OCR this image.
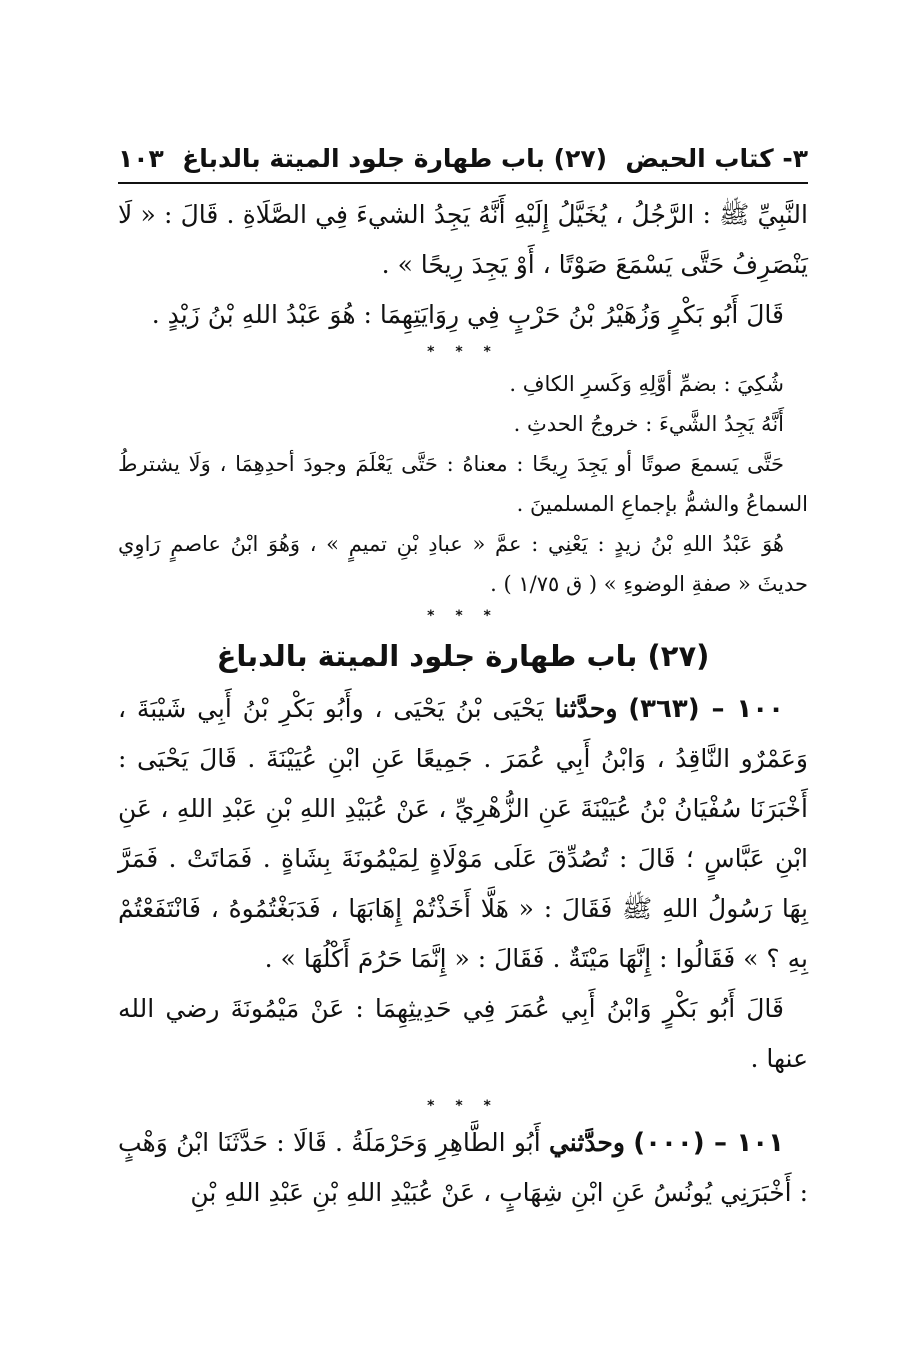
٣- كتاب الحيض
(٢٧) باب طهارة جلود الميتة بالدباغ
١٠٣

النَّبِيِّ ﷺ : الرَّجُلُ ، يُخَيَّلُ إِلَيْهِ أَنَّهُ يَجِدُ الشيءَ فِي الصَّلَاةِ . قَالَ : « لَا يَنْصَرِفُ حَتَّى يَسْمَعَ صَوْتًا ، أَوْ يَجِدَ رِيحًا » .

قَالَ أَبُو بَكْرٍ وَزُهَيْرُ بْنُ حَرْبٍ فِي رِوَايَتِهِمَا : هُوَ عَبْدُ اللهِ بْنُ زَيْدٍ .

* * *

شُكِيَ : بضمِّ أوَّلِهِ وَكَسرِ الكافِ .

أَنَّهُ يَجِدُ الشَّيءَ : خروجُ الحدثِ .

حَتَّى يَسمعَ صوتًا أو يَجِدَ رِيحًا : معناهُ : حَتَّى يَعْلَمَ وجودَ أحدِهِمَا ، وَلَا يشترطُ السماعُ والشمُّ بإجماعِ المسلمينَ .

هُوَ عَبْدُ اللهِ بْنُ زيدٍ : يَعْنِي : عمَّ « عبادِ بْنِ تميمٍ » ، وَهُوَ ابْنُ عاصمٍ رَاوِي حديثَ « صفةِ الوضوءِ » ( ق ١/٧٥ ) .

* * *
(٢٧) باب طهارة جلود الميتة بالدباغ

١٠٠ – (٣٦٣) وحدَّثنا يَحْيَى بْنُ يَحْيَى ، وأَبُو بَكْرِ بْنُ أَبِي شَيْبَةَ ، وَعَمْرٌو النَّاقِدُ ، وَابْنُ أَبِي عُمَرَ . جَمِيعًا عَنِ ابْنِ عُيَيْنَةَ . قَالَ يَحْيَى : أَخْبَرَنَا سُفْيَانُ بْنُ عُيَيْنَةَ عَنِ الزُّهْرِيِّ ، عَنْ عُبَيْدِ اللهِ بْنِ عَبْدِ اللهِ ، عَنِ ابْنِ عَبَّاسٍ ؛ قَالَ : تُصُدِّقَ عَلَى مَوْلَاةٍ لِمَيْمُونَةَ بِشَاةٍ . فَمَاتَتْ . فَمَرَّ بِهَا رَسُولُ اللهِ ﷺ فَقَالَ : « هَلَّا أَخَذْتُمْ إِهَابَهَا ، فَدَبَغْتُمُوهُ ، فَانْتَفَعْتُمْ بِهِ ؟ » فَقَالُوا : إِنَّهَا مَيْتَةٌ . فَقَالَ : « إِنَّمَا حَرُمَ أَكْلُهَا » .

قَالَ أَبُو بَكْرٍ وَابْنُ أَبِي عُمَرَ فِي حَدِيثِهِمَا : عَنْ مَيْمُونَةَ رضي الله عنها .

* * *

١٠١ – (٠٠٠) وحدَّثني أَبُو الطَّاهِرِ وَحَرْمَلَةُ . قَالَا : حَدَّثَنَا ابْنُ وَهْبٍ : أَخْبَرَنِي يُونُسُ عَنِ ابْنِ شِهَابٍ ، عَنْ عُبَيْدِ اللهِ بْنِ عَبْدِ اللهِ بْنِ
